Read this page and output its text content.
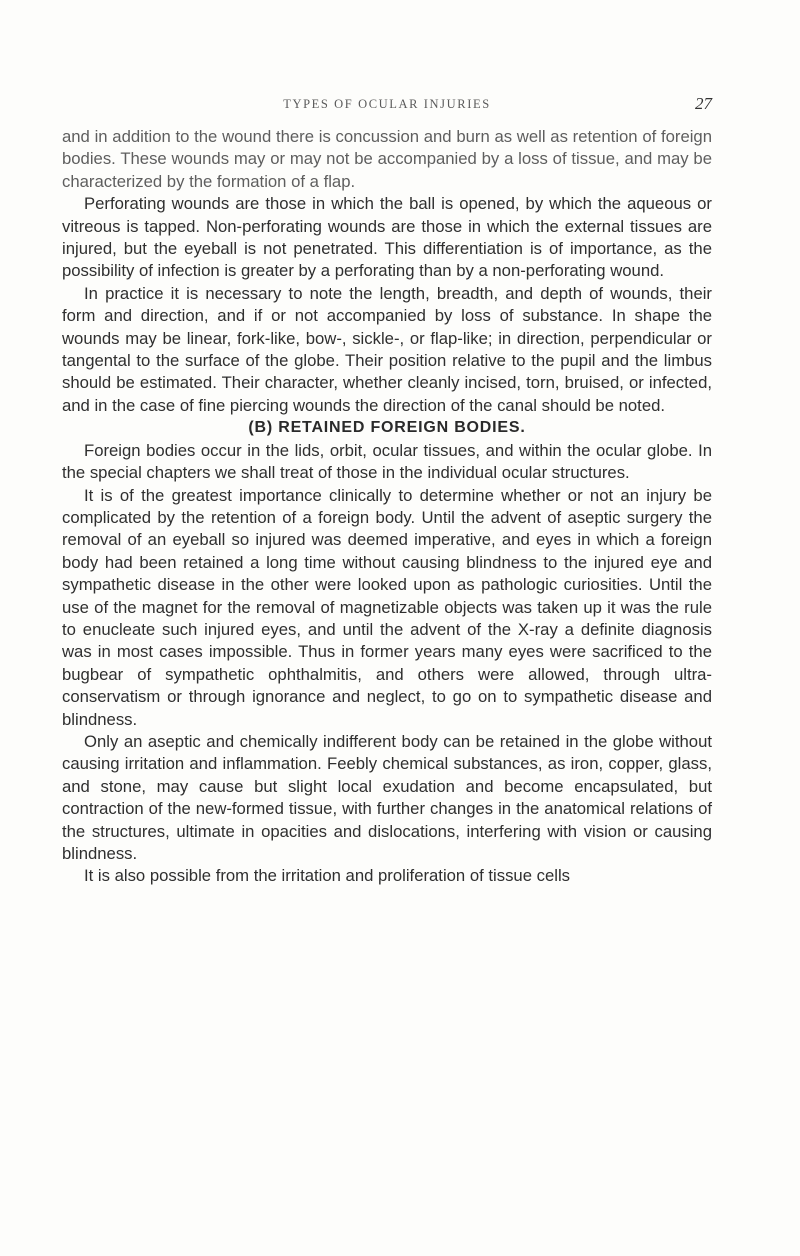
TYPES OF OCULAR INJURIES	27

and in addition to the wound there is concussion and burn as well as retention of foreign bodies. These wounds may or may not be accompanied by a loss of tissue, and may be characterized by the formation of a flap.

Perforating wounds are those in which the ball is opened, by which the aqueous or vitreous is tapped. Non-perforating wounds are those in which the external tissues are injured, but the eyeball is not penetrated. This differentiation is of importance, as the possibility of infection is greater by a perforating than by a non-perforating wound.

In practice it is necessary to note the length, breadth, and depth of wounds, their form and direction, and if or not accompanied by loss of substance. In shape the wounds may be linear, fork-like, bow-, sickle-, or flap-like; in direction, perpendicular or tangental to the surface of the globe. Their position relative to the pupil and the limbus should be estimated. Their character, whether cleanly incised, torn, bruised, or infected, and in the case of fine piercing wounds the direction of the canal should be noted.

(B) RETAINED FOREIGN BODIES.

Foreign bodies occur in the lids, orbit, ocular tissues, and within the ocular globe. In the special chapters we shall treat of those in the individual ocular structures.

It is of the greatest importance clinically to determine whether or not an injury be complicated by the retention of a foreign body. Until the advent of aseptic surgery the removal of an eyeball so injured was deemed imperative, and eyes in which a foreign body had been retained a long time without causing blindness to the injured eye and sympathetic disease in the other were looked upon as pathologic curiosities. Until the use of the magnet for the removal of magnetizable objects was taken up it was the rule to enucleate such injured eyes, and until the advent of the X-ray a definite diagnosis was in most cases impossible. Thus in former years many eyes were sacrificed to the bugbear of sympathetic ophthalmitis, and others were allowed, through ultra-conservatism or through ignorance and neglect, to go on to sympathetic disease and blindness.

Only an aseptic and chemically indifferent body can be retained in the globe without causing irritation and inflammation. Feebly chemical substances, as iron, copper, glass, and stone, may cause but slight local exudation and become encapsulated, but contraction of the new-formed tissue, with further changes in the anatomical relations of the structures, ultimate in opacities and dislocations, interfering with vision or causing blindness.

It is also possible from the irritation and proliferation of tissue cells
